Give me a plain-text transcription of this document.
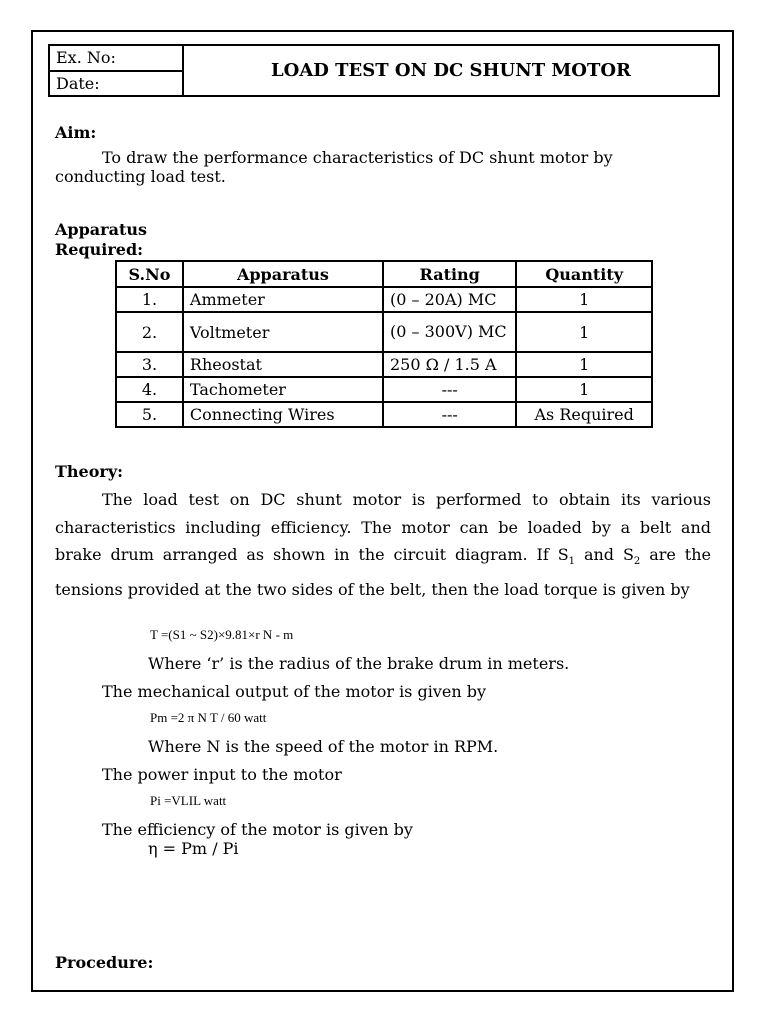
Ex. No:
Date:
LOAD TEST ON DC SHUNT MOTOR
Aim:
To draw the performance characteristics of DC shunt motor by
conducting load test.
Apparatus
Required:
S.No	Apparatus	Rating	Quantity
1.	Ammeter	(0 – 20A) MC	1
2.	Voltmeter	(0 – 300V) MC	1
3.	Rheostat	250 Ω / 1.5 A	1
4.	Tachometer	---	1
5.	Connecting Wires	---	As Required
Theory:
The load test on DC shunt motor is performed to obtain its various characteristics including efficiency. The motor can be loaded by a belt and brake drum arranged as shown in the circuit diagram. If $S_1$ and $S_2$ are the tensions provided at the two sides of the belt, then the load torque is given by
T =(S1 ~ S2)×9.81×r N - m
Where ‘r’ is the radius of the brake drum in meters.
The mechanical output of the motor is given by
Pm =2 π N T / 60 watt
Where N is the speed of the motor in RPM.
The power input to the motor
Pi =VLIL watt
The efficiency of the motor is given by
η = Pm / Pi
Procedure:
